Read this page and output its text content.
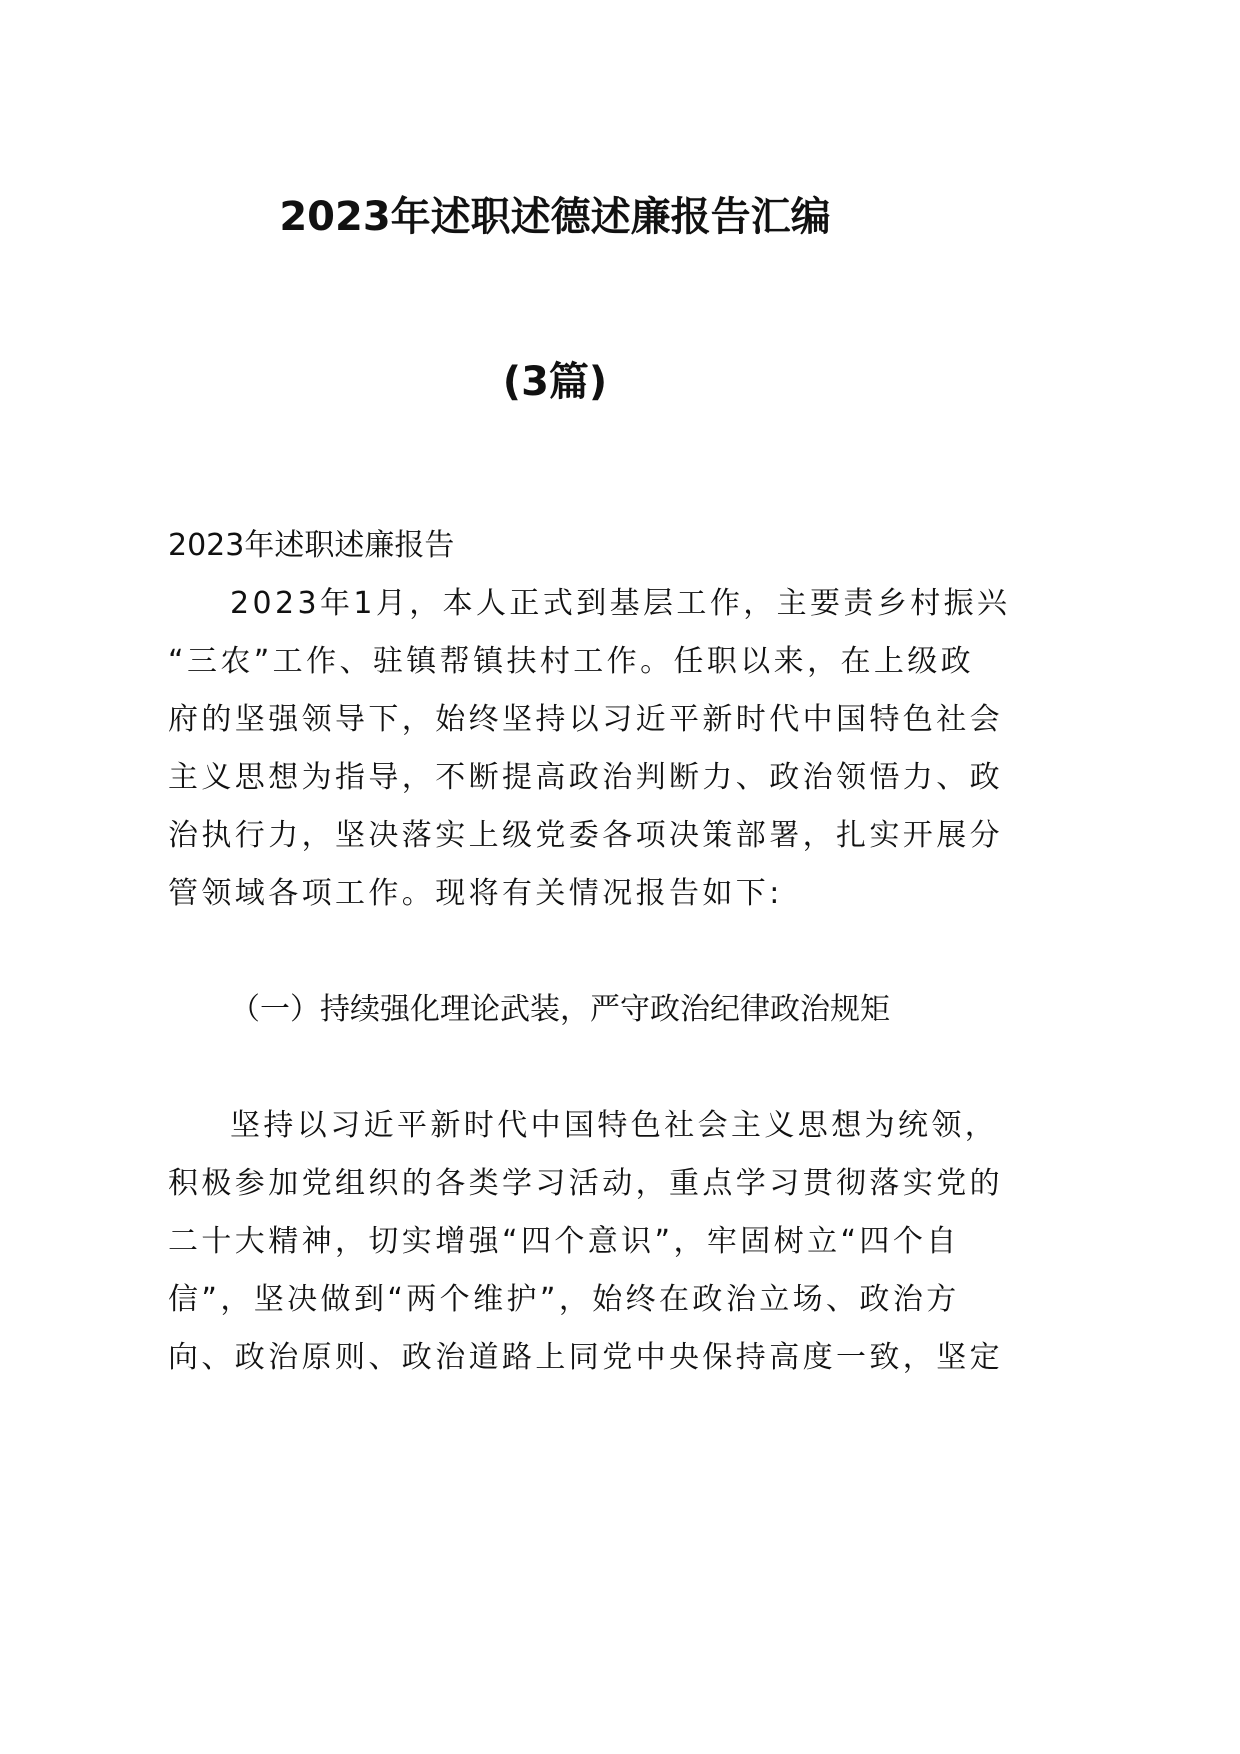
2023年述职述德述廉报告汇编
(3篇)
2023年述职述廉报告
2023年1月，本人正式到基层工作，主要责乡村振兴
“三农”工作、驻镇帮镇扶村工作。任职以来，在上级政
府的坚强领导下，始终坚持以习近平新时代中国特色社会
主义思想为指导，不断提高政治判断力、政治领悟力、政
治执行力，坚决落实上级党委各项决策部署，扎实开展分
管领域各项工作。现将有关情况报告如下:
（一）持续强化理论武装，严守政治纪律政治规矩
坚持以习近平新时代中国特色社会主义思想为统领，
积极参加党组织的各类学习活动，重点学习贯彻落实党的
二十大精神，切实增强“四个意识”，牢固树立“四个自
信”，坚决做到“两个维护”，始终在政治立场、政治方
向、政治原则、政治道路上同党中央保持高度一致，坚定
